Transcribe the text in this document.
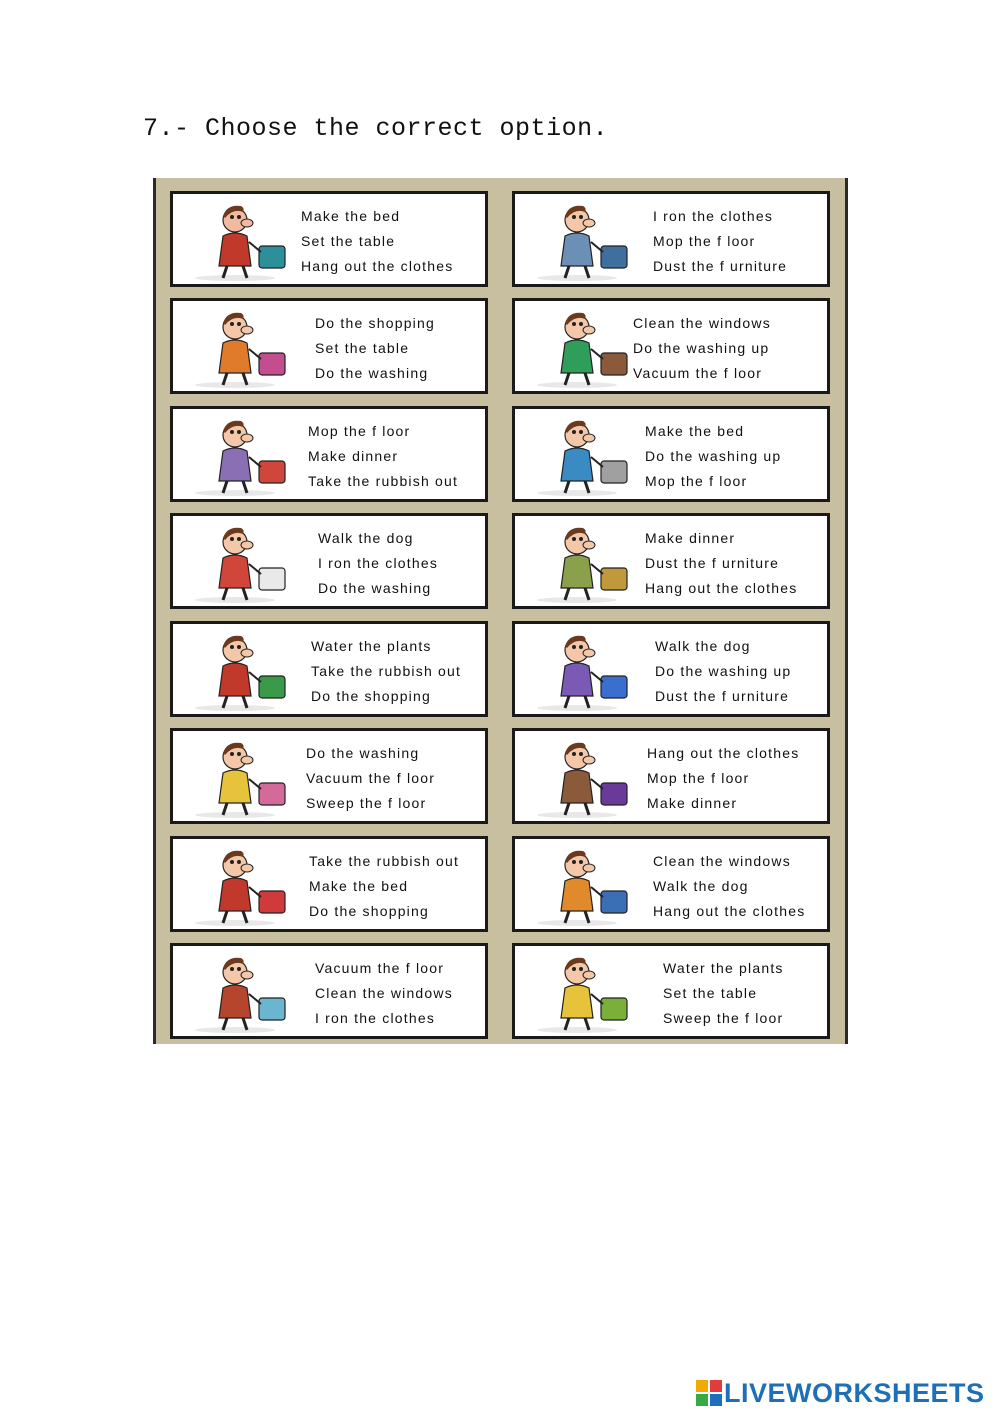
7.- Choose the correct option.
Make the bed
Set the table
Hang out the clothes
I ron the clothes
Mop the f loor
Dust the f urniture
Do the shopping
Set the table
Do the washing
Clean the windows
Do the washing up
Vacuum the f loor
Mop the f loor
Make dinner
Take the rubbish out
Make the bed
Do the washing up
Mop the f loor
Walk the dog
I ron the clothes
Do the washing
Make dinner
Dust the f urniture
Hang out the clothes
Water the plants
Take the rubbish out
Do the shopping
Walk the dog
Do the washing up
Dust the f urniture
Do the washing
Vacuum the f loor
Sweep the f loor
Hang out the clothes
Mop the f loor
Make dinner
Take the rubbish out
Make the bed
Do the shopping
Clean the windows
Walk the dog
Hang out the clothes
Vacuum the f loor
Clean the windows
I ron the clothes
Water the plants
Set the table
Sweep the f loor
LIVEWORKSHEETS
